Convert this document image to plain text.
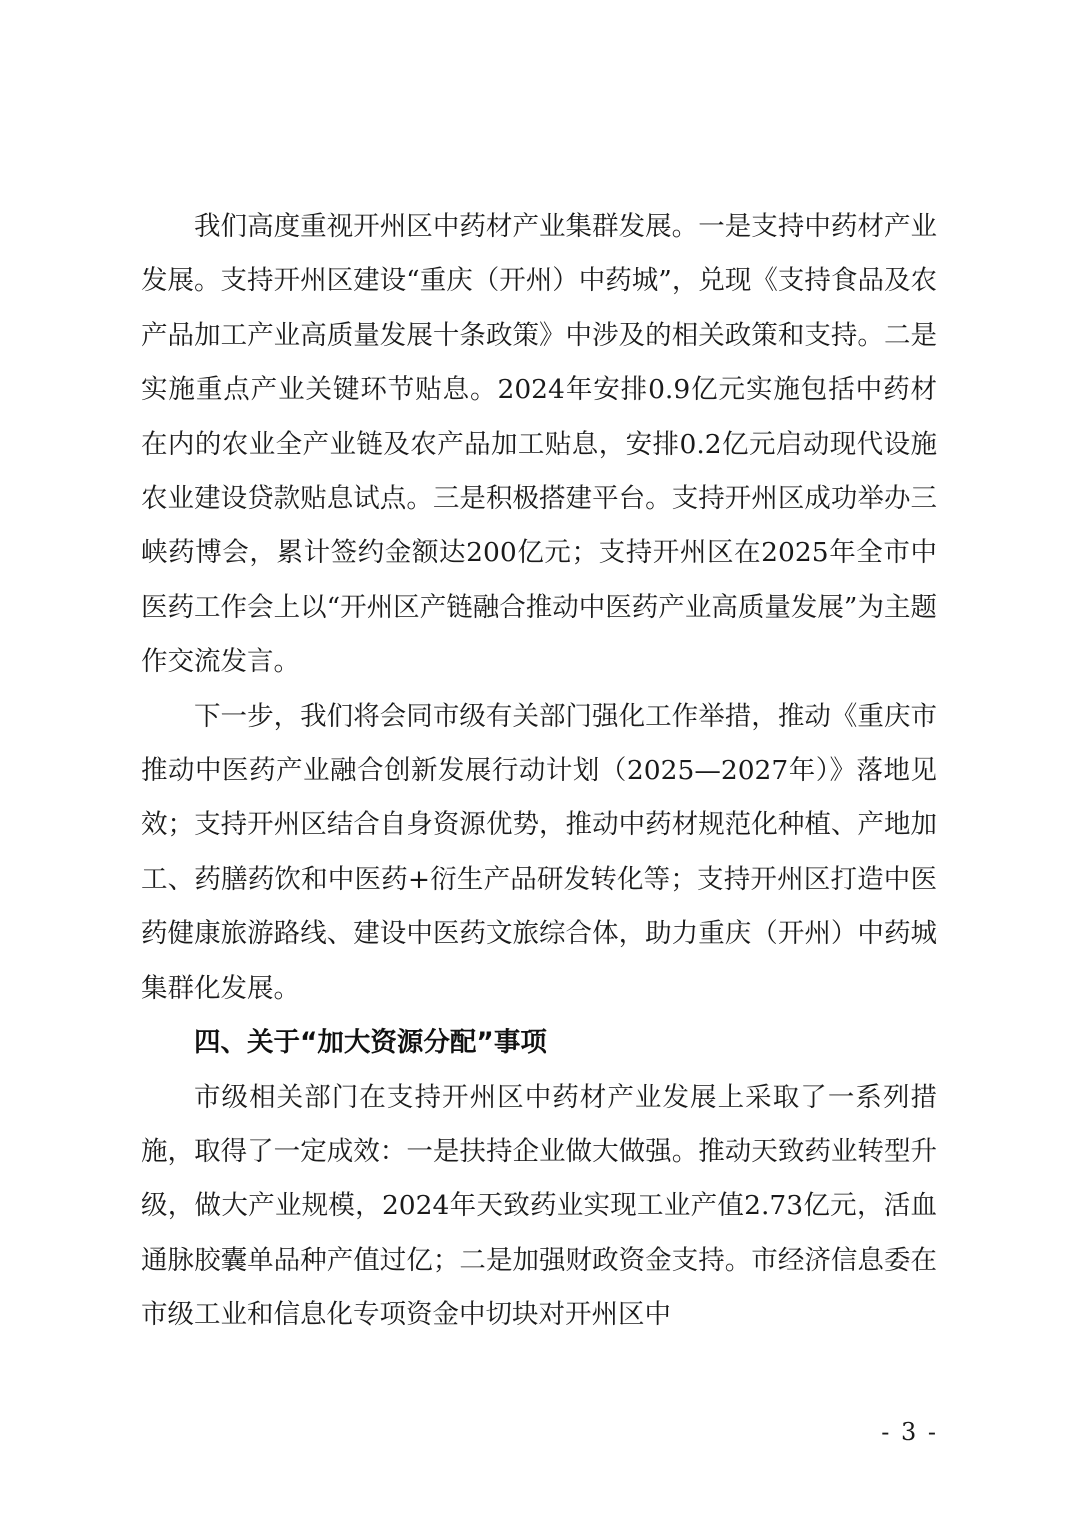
我们高度重视开州区中药材产业集群发展。一是支持中药材产业发展。支持开州区建设“重庆（开州）中药城”，兑现《支持食品及农产品加工产业高质量发展十条政策》中涉及的相关政策和支持。二是实施重点产业关键环节贴息。2024年安排0.9亿元实施包括中药材在内的农业全产业链及农产品加工贴息，安排0.2亿元启动现代设施农业建设贷款贴息试点。三是积极搭建平台。支持开州区成功举办三峡药博会，累计签约金额达200亿元；支持开州区在2025年全市中医药工作会上以“开州区产链融合推动中医药产业高质量发展”为主题作交流发言。

下一步，我们将会同市级有关部门强化工作举措，推动《重庆市推动中医药产业融合创新发展行动计划（2025—2027年）》落地见效；支持开州区结合自身资源优势，推动中药材规范化种植、产地加工、药膳药饮和中医药+衍生产品研发转化等；支持开州区打造中医药健康旅游路线、建设中医药文旅综合体，助力重庆（开州）中药城集群化发展。

四、关于“加大资源分配”事项

市级相关部门在支持开州区中药材产业发展上采取了一系列措施，取得了一定成效：一是扶持企业做大做强。推动天致药业转型升级，做大产业规模，2024年天致药业实现工业产值2.73亿元，活血通脉胶囊单品种产值过亿；二是加强财政资金支持。市经济信息委在市级工业和信息化专项资金中切块对开州区中

- 3 -
